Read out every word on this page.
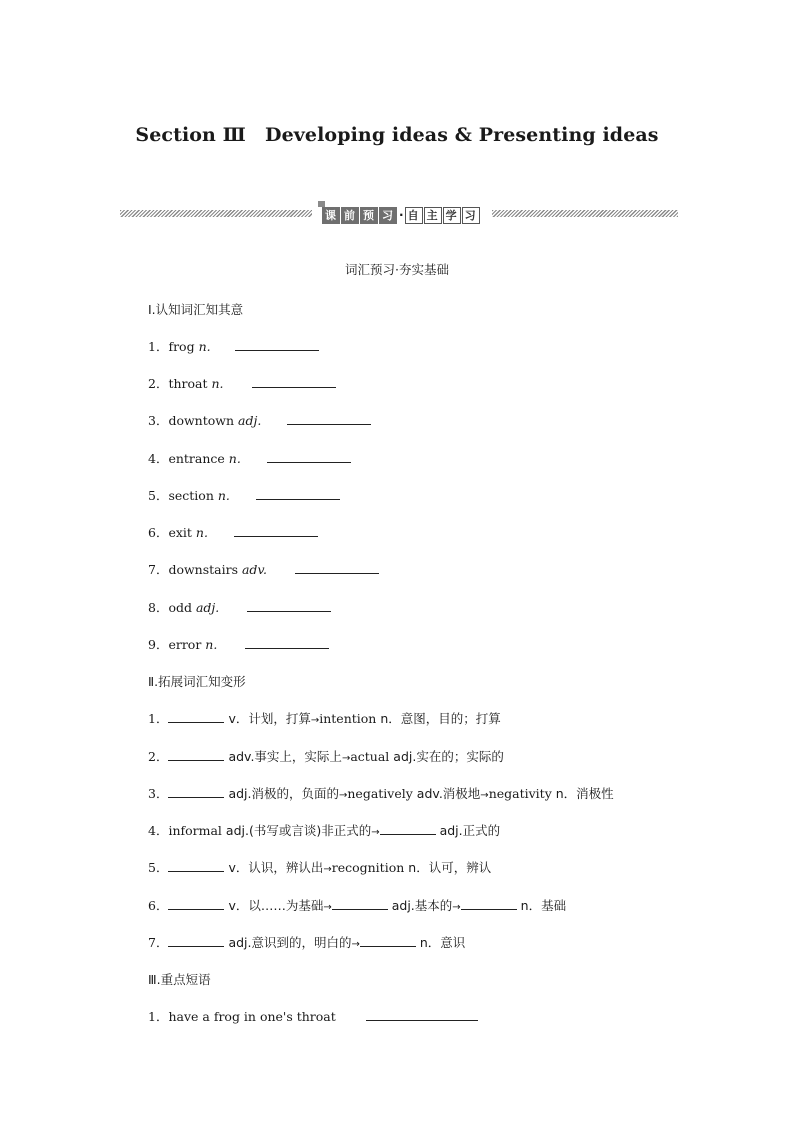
Section Ⅲ　Developing ideas & Presenting ideas
课 前 预 习 · 自 主 学 习
词汇预习·夯实基础
Ⅰ.认知词汇知其意
1．frog n.
2．throat n.
3．downtown adj.
4．entrance n.
5．section n.
6．exit n.
7．downstairs adv.
8．odd adj.
9．error n.
Ⅱ.拓展词汇知变形
1．	v．计划，打算→intention n．意图，目的；打算
2．	adv.事实上，实际上→actual adj.实在的；实际的
3．	adj.消极的，负面的→negatively adv.消极地→negativity n．消极性
4．informal adj.(书写或言谈)非正式的→	adj.正式的
5．	v．认识，辨认出→recognition n．认可，辨认
6．	v．以……为基础→	adj.基本的→	n．基础
7．	adj.意识到的，明白的→	n．意识
Ⅲ.重点短语
1．have a frog in one's throat
